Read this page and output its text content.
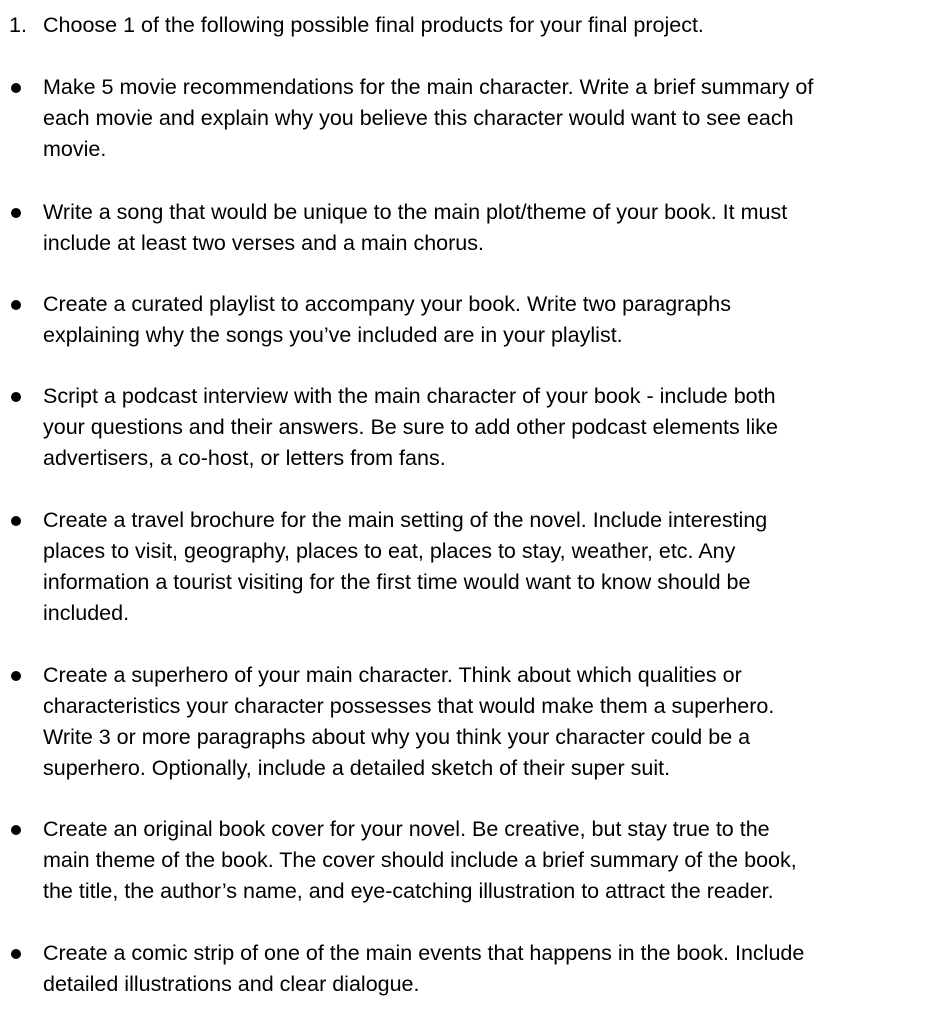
1. Choose 1 of the following possible final products for your final project.
Make 5 movie recommendations for the main character. Write a brief summary of
each movie and explain why you believe this character would want to see each
movie.
Write a song that would be unique to the main plot/theme of your book. It must
include at least two verses and a main chorus.
Create a curated playlist to accompany your book. Write two paragraphs
explaining why the songs you’ve included are in your playlist.
Script a podcast interview with the main character of your book - include both
your questions and their answers. Be sure to add other podcast elements like
advertisers, a co-host, or letters from fans.
Create a travel brochure for the main setting of the novel. Include interesting
places to visit, geography, places to eat, places to stay, weather, etc. Any
information a tourist visiting for the first time would want to know should be
included.
Create a superhero of your main character. Think about which qualities or
characteristics your character possesses that would make them a superhero.
Write 3 or more paragraphs about why you think your character could be a
superhero. Optionally, include a detailed sketch of their super suit.
Create an original book cover for your novel. Be creative, but stay true to the
main theme of the book. The cover should include a brief summary of the book,
the title, the author’s name, and eye-catching illustration to attract the reader.
Create a comic strip of one of the main events that happens in the book. Include
detailed illustrations and clear dialogue.
